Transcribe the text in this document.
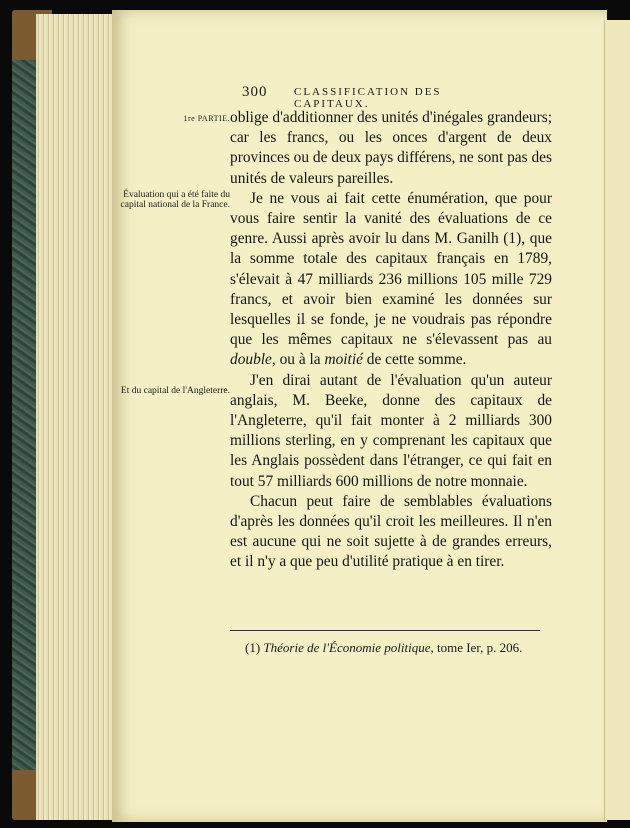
300 CLASSIFICATION DES CAPITAUX.
1re PARTIE.
Évaluation qui a été faite du capital national de la France.
Et du capital de l'Angleterre.

oblige d'additionner des unités d'inégales grandeurs; car les francs, ou les onces d'argent de deux provinces ou de deux pays différens, ne sont pas des unités de valeurs pareilles.

Je ne vous ai fait cette énumération, que pour vous faire sentir la vanité des évaluations de ce genre. Aussi après avoir lu dans M. Ganilh (1), que la somme totale des capitaux français en 1789, s'élevait à 47 milliards 236 millions 105 mille 729 francs, et avoir bien examiné les données sur lesquelles il se fonde, je ne voudrais pas répondre que les mêmes capitaux ne s'élevassent pas au double, ou à la moitié de cette somme.

J'en dirai autant de l'évaluation qu'un auteur anglais, M. Beeke, donne des capitaux de l'Angleterre, qu'il fait monter à 2 milliards 300 millions sterling, en y comprenant les capitaux que les Anglais possèdent dans l'étranger, ce qui fait en tout 57 milliards 600 millions de notre monnaie.

Chacun peut faire de semblables évaluations d'après les données qu'il croit les meilleures. Il n'en est aucune qui ne soit sujette à de grandes erreurs, et il n'y a que peu d'utilité pratique à en tirer.

(1) Théorie de l'Économie politique, tome Ier, p. 206.
